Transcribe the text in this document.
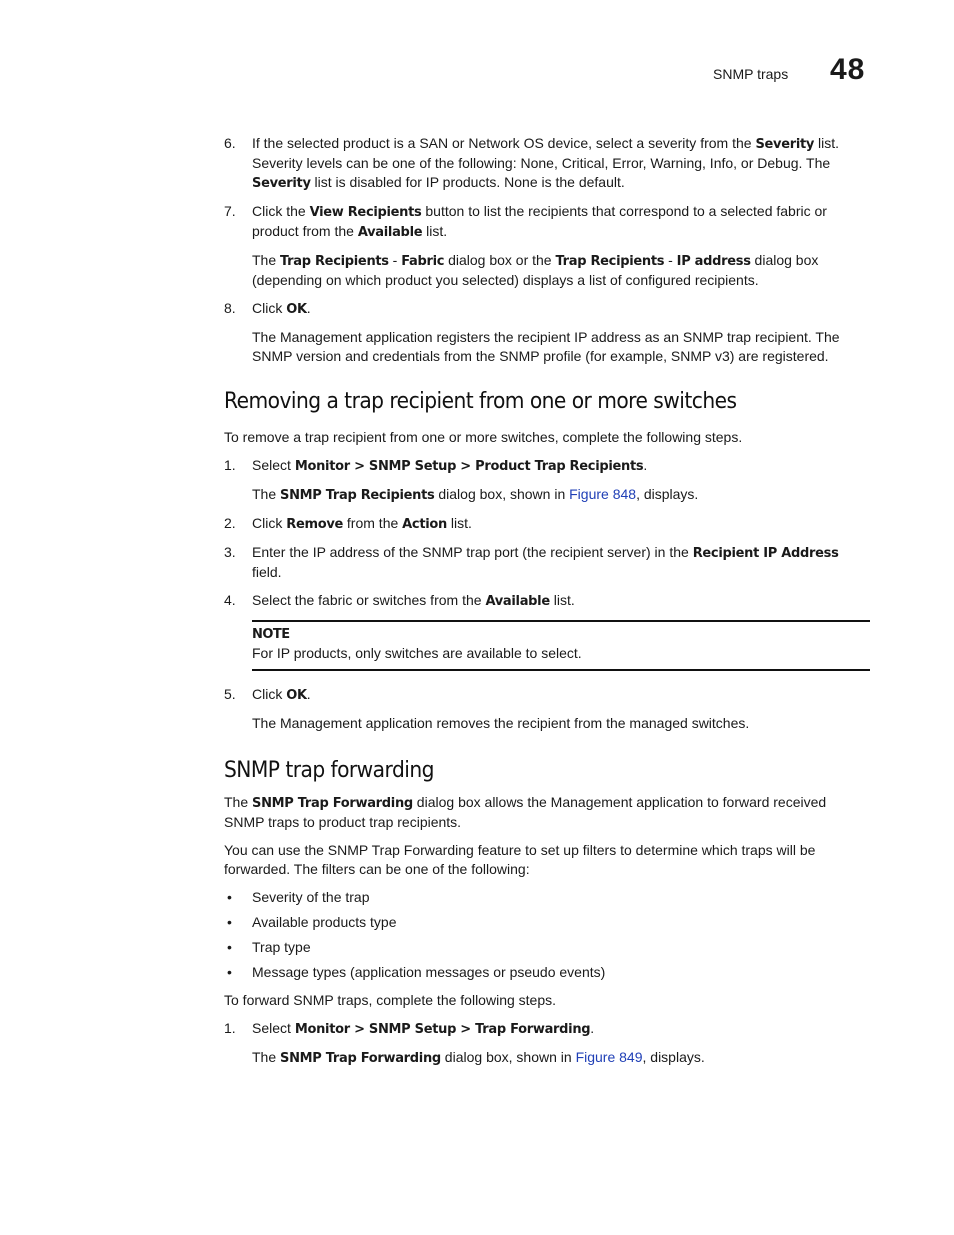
SNMP traps 48
6. If the selected product is a SAN or Network OS device, select a severity from the Severity list. Severity levels can be one of the following: None, Critical, Error, Warning, Info, or Debug. The Severity list is disabled for IP products. None is the default.
7. Click the View Recipients button to list the recipients that correspond to a selected fabric or product from the Available list.
The Trap Recipients - Fabric dialog box or the Trap Recipients - IP address dialog box (depending on which product you selected) displays a list of configured recipients.
8. Click OK.
The Management application registers the recipient IP address as an SNMP trap recipient. The SNMP version and credentials from the SNMP profile (for example, SNMP v3) are registered.
Removing a trap recipient from one or more switches

To remove a trap recipient from one or more switches, complete the following steps.

1. Select Monitor > SNMP Setup > Product Trap Recipients.
The SNMP Trap Recipients dialog box, shown in Figure 848, displays.
2. Click Remove from the Action list.
3. Enter the IP address of the SNMP trap port (the recipient server) in the Recipient IP Address field.
4. Select the fabric or switches from the Available list.
NOTE
For IP products, only switches are available to select.
5. Click OK.
The Management application removes the recipient from the managed switches.
SNMP trap forwarding

The SNMP Trap Forwarding dialog box allows the Management application to forward received SNMP traps to product trap recipients.

You can use the SNMP Trap Forwarding feature to set up filters to determine which traps will be forwarded. The filters can be one of the following:

• Severity of the trap
• Available products type
• Trap type
• Message types (application messages or pseudo events)

To forward SNMP traps, complete the following steps.

1. Select Monitor > SNMP Setup > Trap Forwarding.
The SNMP Trap Forwarding dialog box, shown in Figure 849, displays.
